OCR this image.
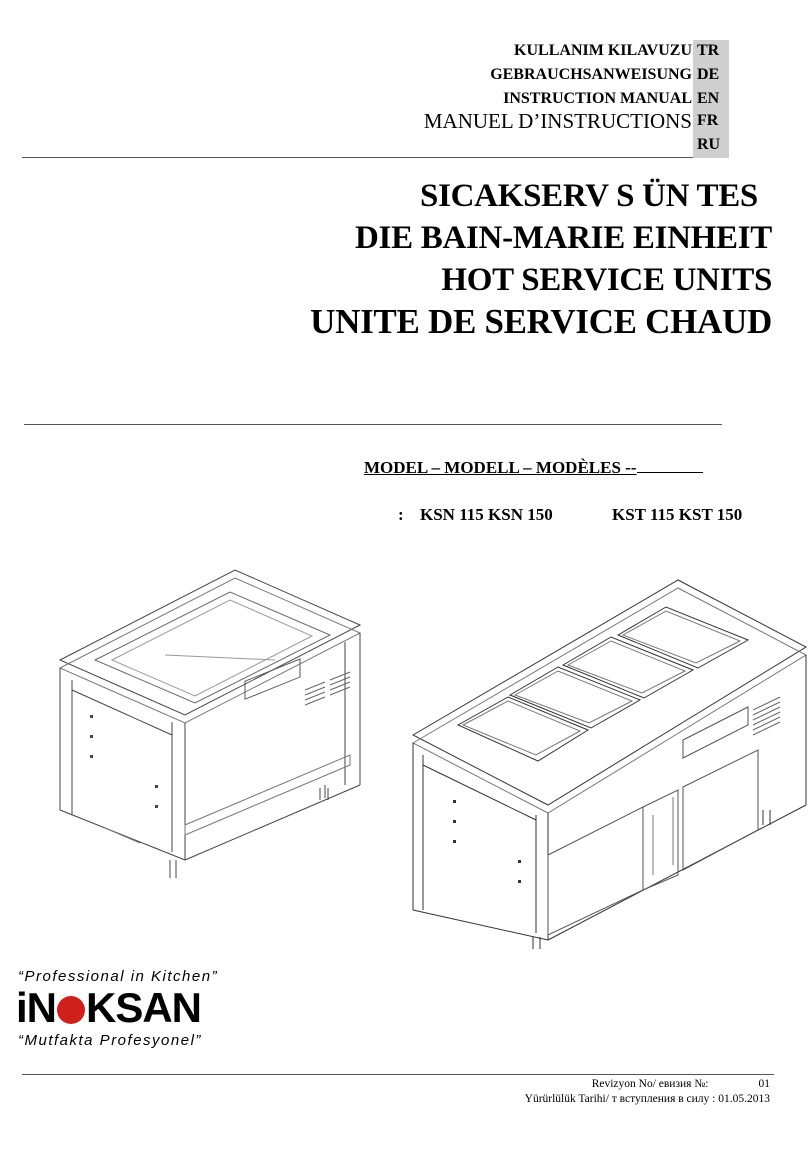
KULLANIM KILAVUZU
GEBRAUCHSANWEISUNG
INSTRUCTION MANUAL
MANUEL D’INSTRUCTIONS
TR
DE
EN
FR
RU
SICAKSERV S ÜN TES
DIE BAIN-MARIE EINHEIT
HOT SERVICE UNITS
UNITE DE SERVICE CHAUD
MODEL – MODELL – MODÈLES --
: KSN 115 KSN 150	KST 115 KST 150
“Professional in Kitchen”
iN KSAN
“Mutfakta Profesyonel”
Revizyon No/ евизия №:	01
Yürürlülük Tarihi/ т вступления в силу : 01.05.2013
